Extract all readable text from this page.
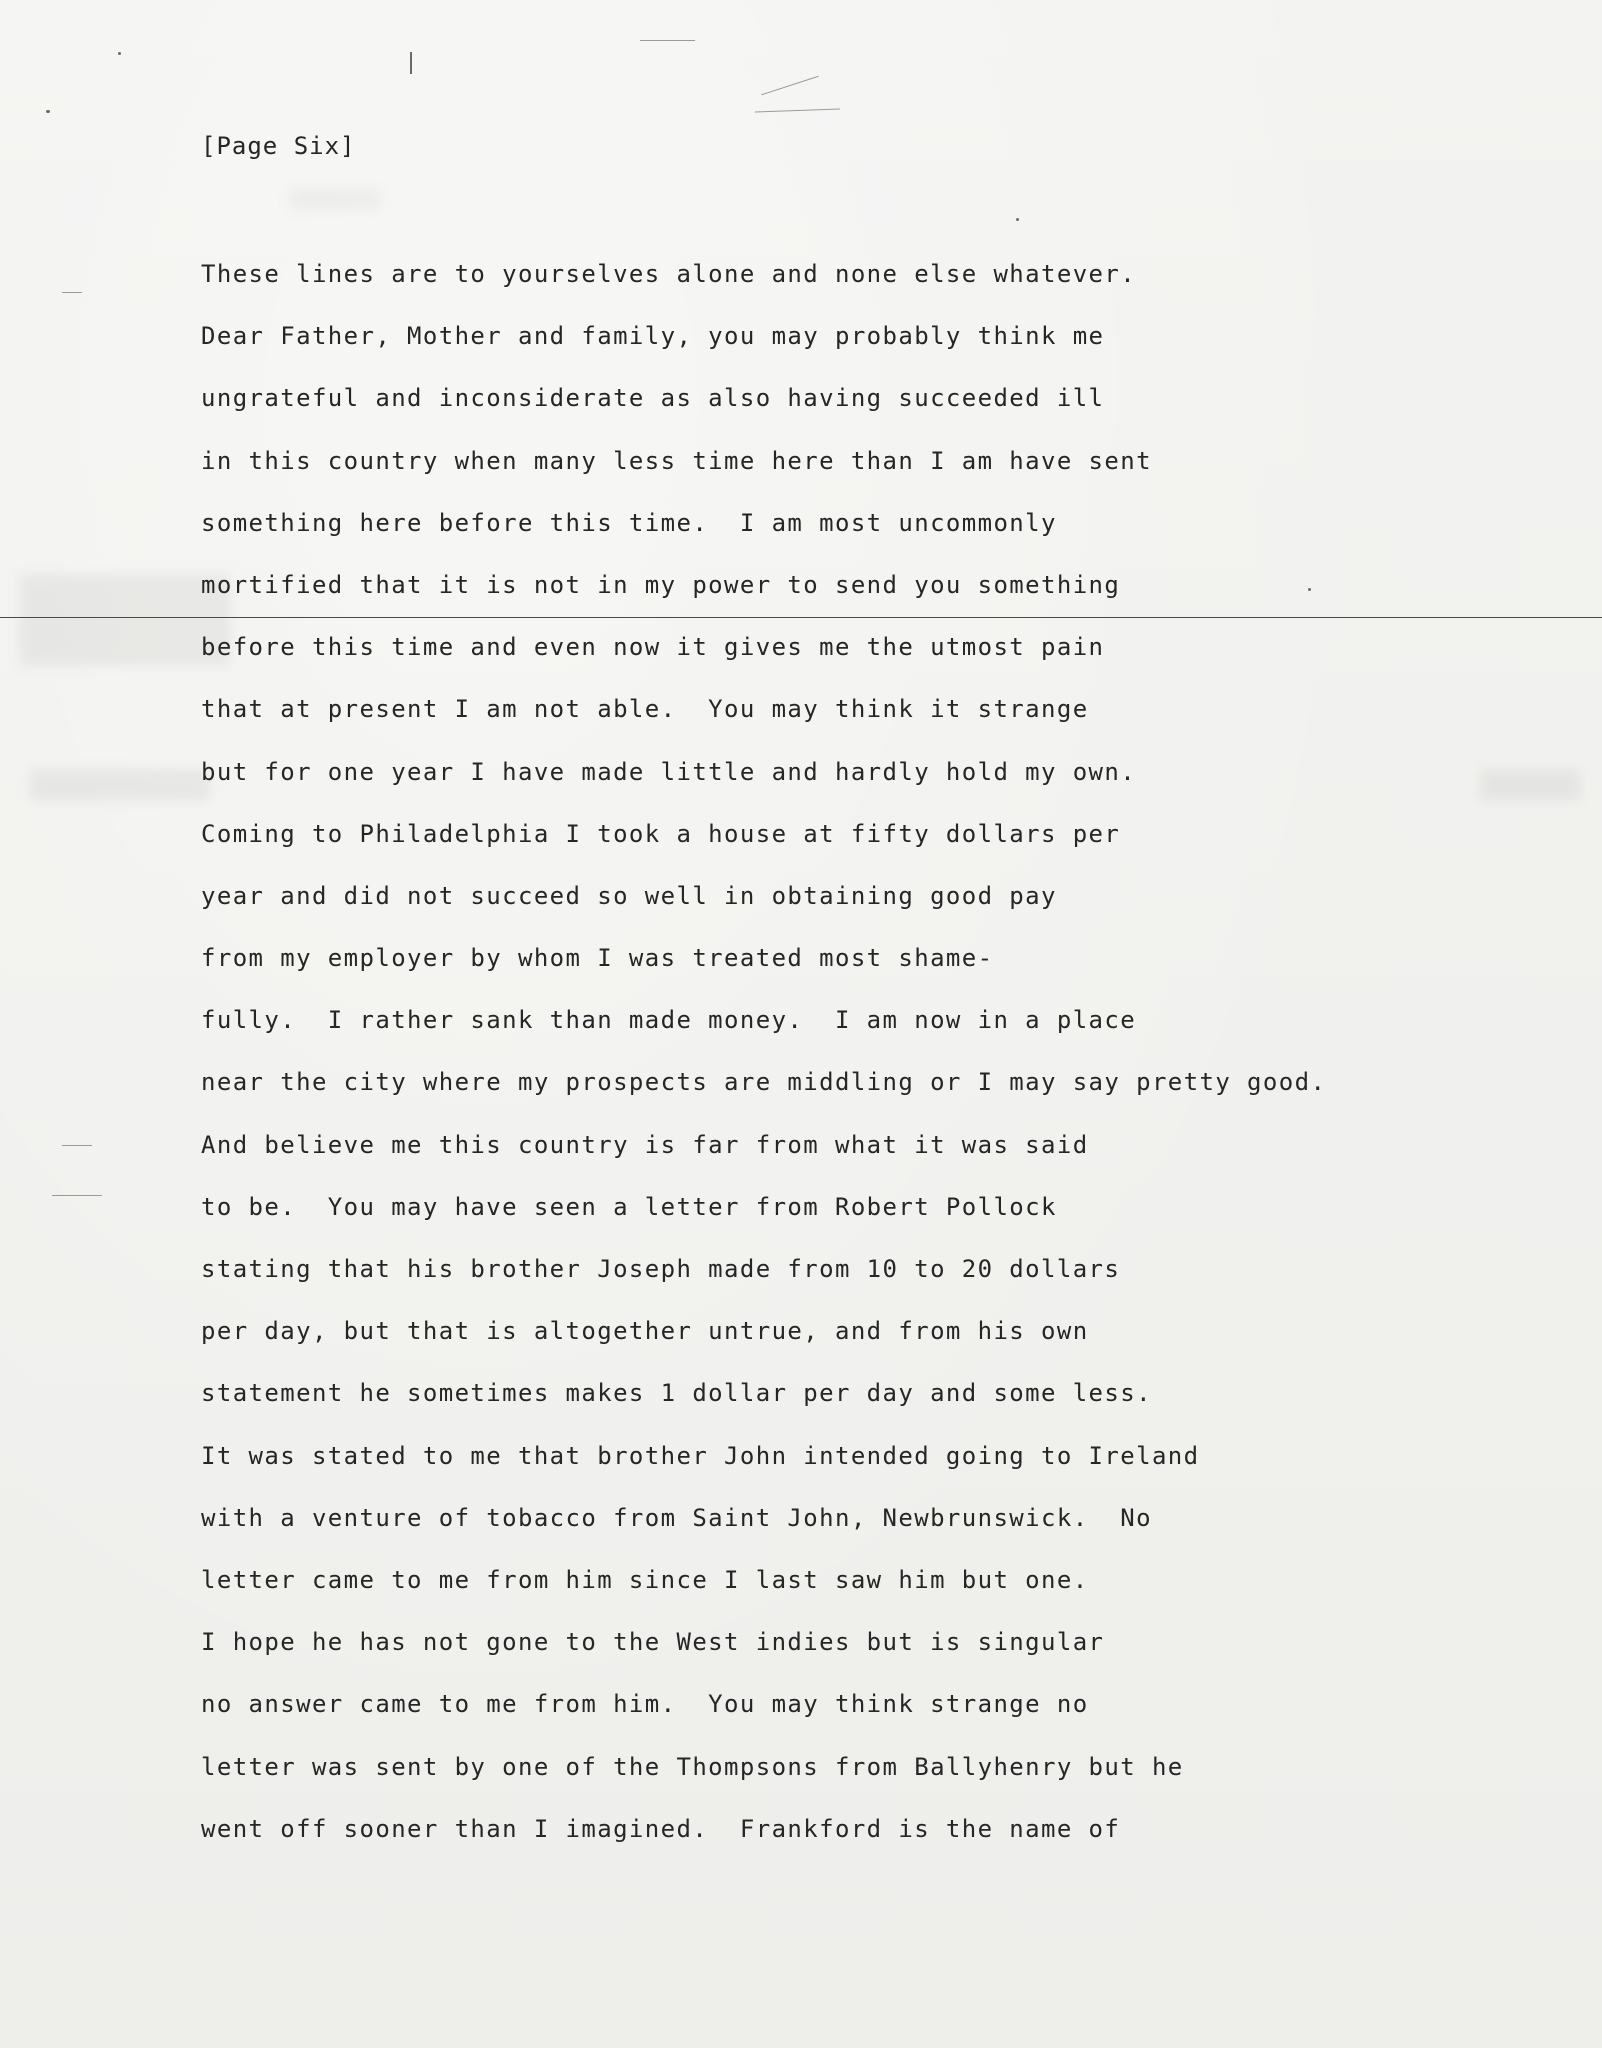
[Page Six]
These lines are to yourselves alone and none else whatever.
Dear Father, Mother and family, you may probably think me
ungrateful and inconsiderate as also having succeeded ill
in this country when many less time here than I am have sent
something here before this time.  I am most uncommonly
mortified that it is not in my power to send you something
before this time and even now it gives me the utmost pain
that at present I am not able.  You may think it strange
but for one year I have made little and hardly hold my own.
Coming to Philadelphia I took a house at fifty dollars per
year and did not succeed so well in obtaining good pay
from my employer by whom I was treated most shame-
fully.  I rather sank than made money.  I am now in a place
near the city where my prospects are middling or I may say pretty good.
And believe me this country is far from what it was said
to be.  You may have seen a letter from Robert Pollock
stating that his brother Joseph made from 10 to 20 dollars
per day, but that is altogether untrue, and from his own
statement he sometimes makes 1 dollar per day and some less.
It was stated to me that brother John intended going to Ireland
with a venture of tobacco from Saint John, Newbrunswick.  No
letter came to me from him since I last saw him but one.
I hope he has not gone to the West indies but is singular
no answer came to me from him.  You may think strange no
letter was sent by one of the Thompsons from Ballyhenry but he
went off sooner than I imagined.  Frankford is the name of
